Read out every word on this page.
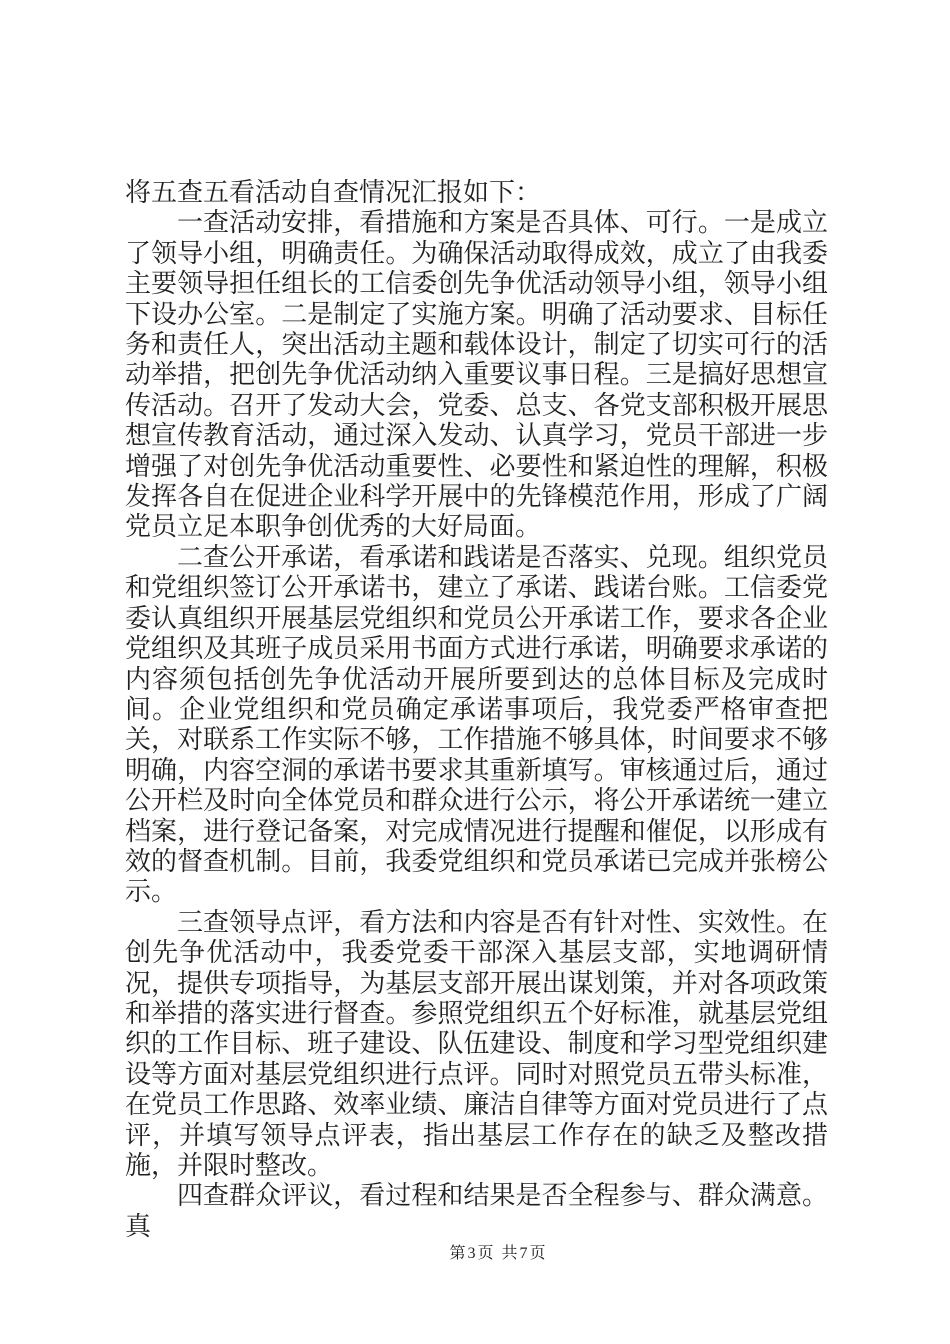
将五查五看活动自查情况汇报如下：

一查活动安排，看措施和方案是否具体、可行。一是成立了领导小组，明确责任。为确保活动取得成效，成立了由我委主要领导担任组长的工信委创先争优活动领导小组，领导小组下设办公室。二是制定了实施方案。明确了活动要求、目标任务和责任人，突出活动主题和载体设计，制定了切实可行的活动举措，把创先争优活动纳入重要议事日程。三是搞好思想宣传活动。召开了发动大会，党委、总支、各党支部积极开展思想宣传教育活动，通过深入发动、认真学习，党员干部进一步增强了对创先争优活动重要性、必要性和紧迫性的理解，积极发挥各自在促进企业科学开展中的先锋模范作用，形成了广阔党员立足本职争创优秀的大好局面。

二查公开承诺，看承诺和践诺是否落实、兑现。组织党员和党组织签订公开承诺书，建立了承诺、践诺台账。工信委党委认真组织开展基层党组织和党员公开承诺工作，要求各企业党组织及其班子成员采用书面方式进行承诺，明确要求承诺的内容须包括创先争优活动开展所要到达的总体目标及完成时间。企业党组织和党员确定承诺事项后，我党委严格审查把关，对联系工作实际不够，工作措施不够具体，时间要求不够明确，内容空洞的承诺书要求其重新填写。审核通过后，通过公开栏及时向全体党员和群众进行公示，将公开承诺统一建立档案，进行登记备案，对完成情况进行提醒和催促，以形成有效的督查机制。目前，我委党组织和党员承诺已完成并张榜公示。

三查领导点评，看方法和内容是否有针对性、实效性。在创先争优活动中，我委党委干部深入基层支部，实地调研情况，提供专项指导，为基层支部开展出谋划策，并对各项政策和举措的落实进行督查。参照党组织五个好标准，就基层党组织的工作目标、班子建设、队伍建设、制度和学习型党组织建设等方面对基层党组织进行点评。同时对照党员五带头标准，在党员工作思路、效率业绩、廉洁自律等方面对党员进行了点评，并填写领导点评表，指出基层工作存在的缺乏及整改措施，并限时整改。

四查群众评议，看过程和结果是否全程参与、群众满意。真

第3页 共7页
